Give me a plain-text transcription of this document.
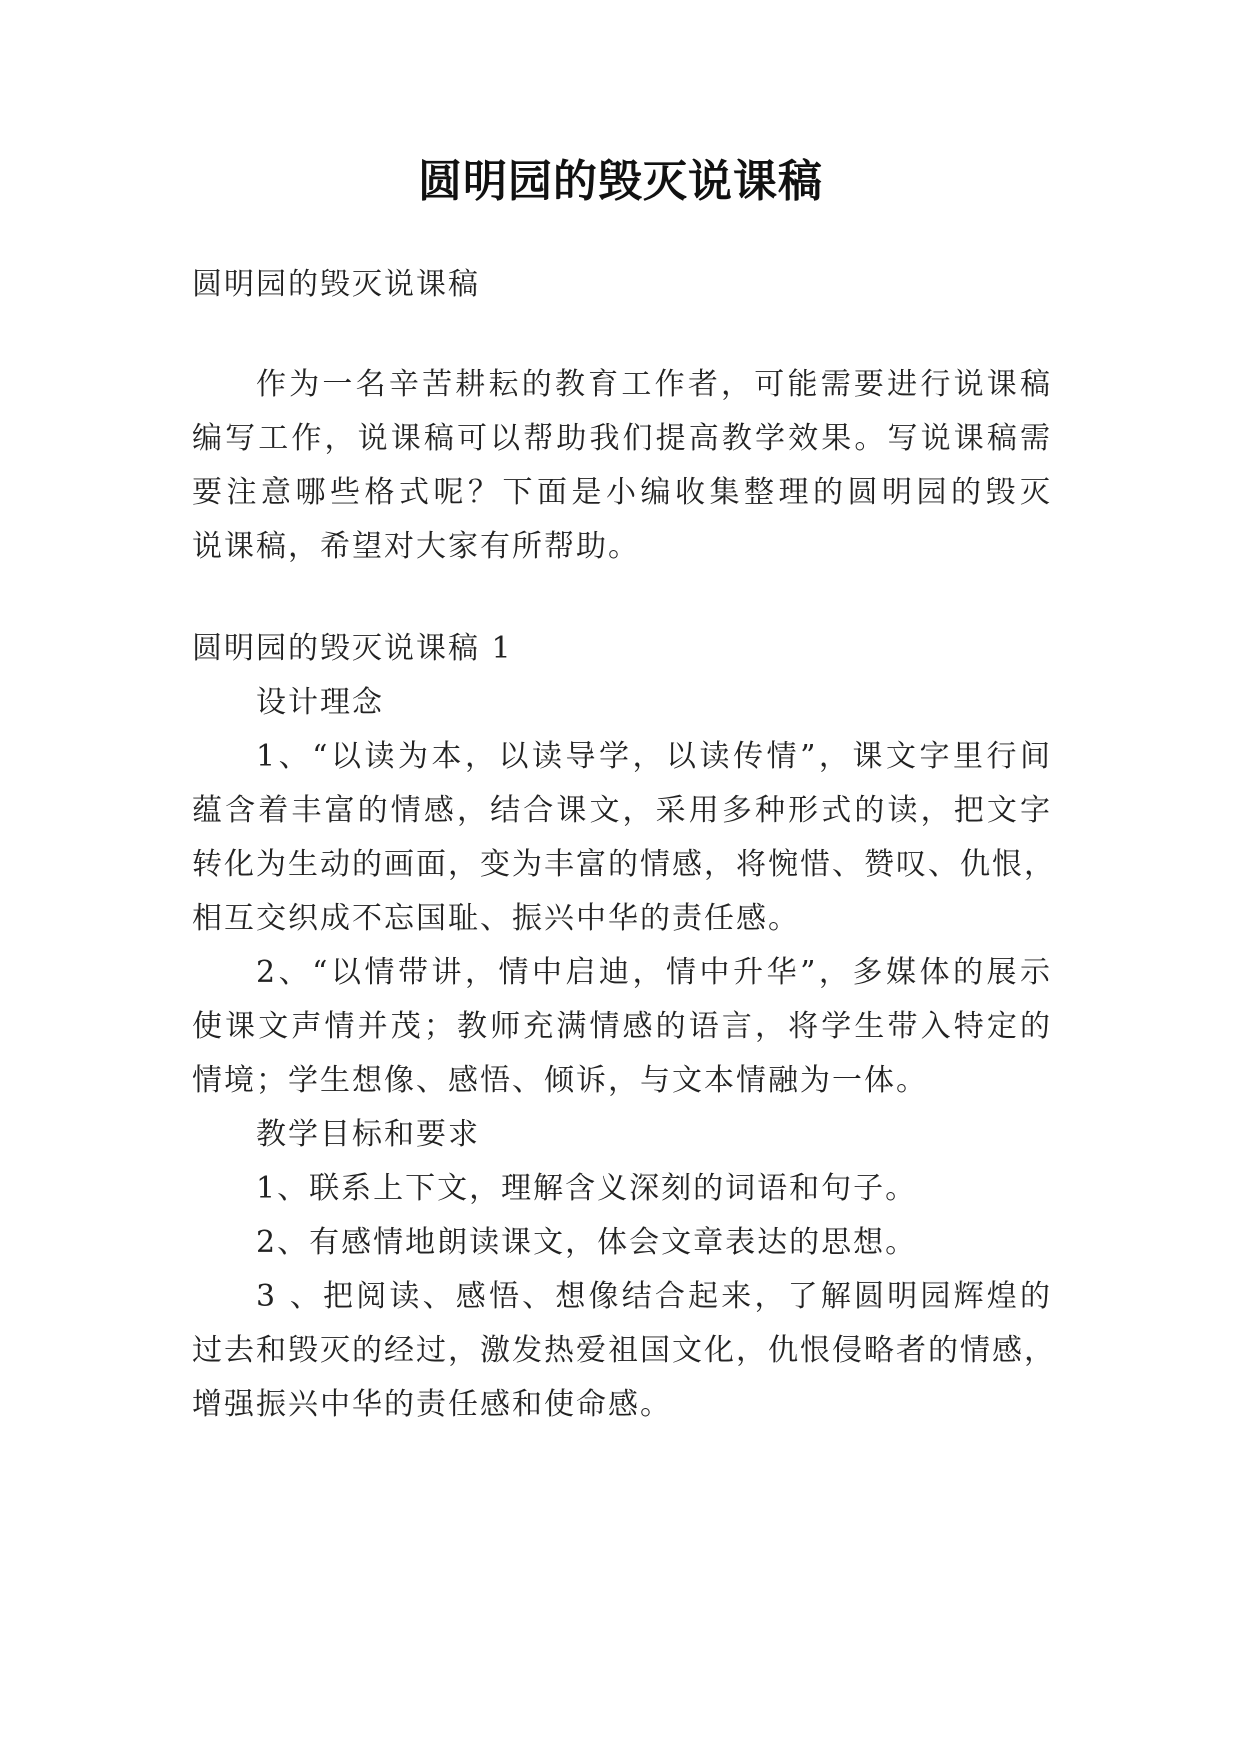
圆明园的毁灭说课稿

圆明园的毁灭说课稿

作为一名辛苦耕耘的教育工作者，可能需要进行说课稿

编写工作，说课稿可以帮助我们提高教学效果。写说课稿需

要注意哪些格式呢？下面是小编收集整理的圆明园的毁灭

说课稿，希望对大家有所帮助。

圆明园的毁灭说课稿 1

设计理念

1、“以读为本，以读导学，以读传情”，课文字里行间

蕴含着丰富的情感，结合课文，采用多种形式的读，把文字

转化为生动的画面，变为丰富的情感，将惋惜、赞叹、仇恨，

相互交织成不忘国耻、振兴中华的责任感。

2、“以情带讲，情中启迪，情中升华”，多媒体的展示

使课文声情并茂；教师充满情感的语言，将学生带入特定的

情境；学生想像、感悟、倾诉，与文本情融为一体。

教学目标和要求

1、联系上下文，理解含义深刻的词语和句子。

2、有感情地朗读课文，体会文章表达的思想。

3 、把阅读、感悟、想像结合起来，了解圆明园辉煌的

过去和毁灭的经过，激发热爱祖国文化，仇恨侵略者的情感，

增强振兴中华的责任感和使命感。
